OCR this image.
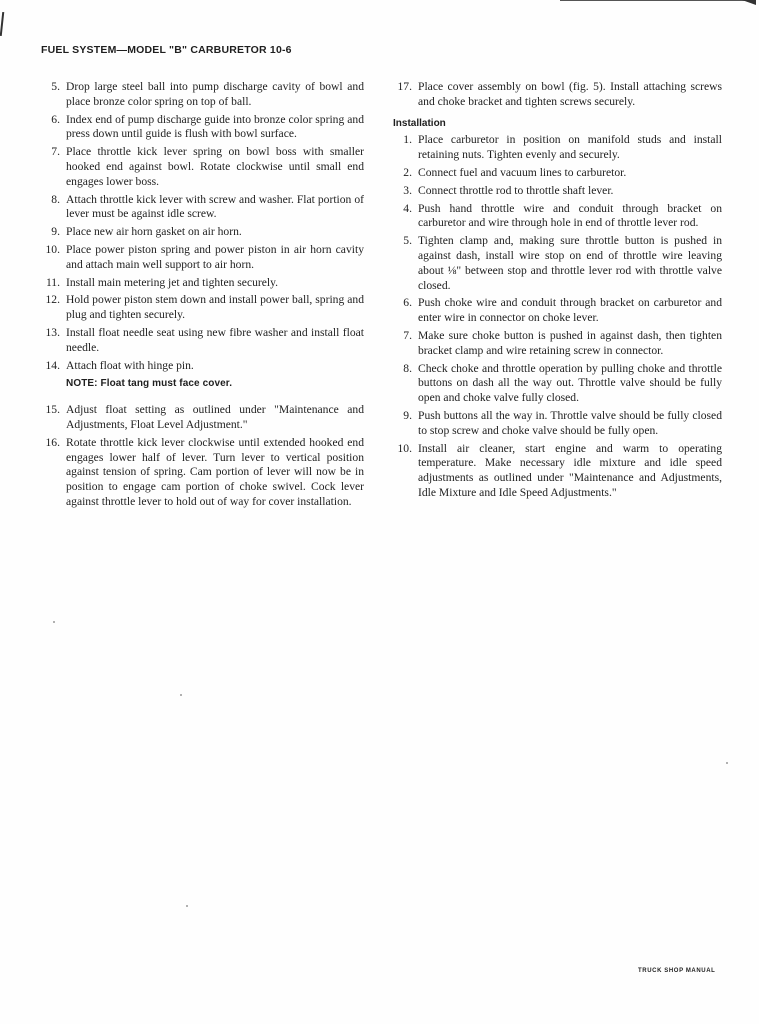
FUEL SYSTEM—MODEL "B" CARBURETOR 10-6
5. Drop large steel ball into pump discharge cavity of bowl and place bronze color spring on top of ball.
6. Index end of pump discharge guide into bronze color spring and press down until guide is flush with bowl surface.
7. Place throttle kick lever spring on bowl boss with smaller hooked end against bowl. Rotate clockwise until small end engages lower boss.
8. Attach throttle kick lever with screw and washer. Flat portion of lever must be against idle screw.
9. Place new air horn gasket on air horn.
10. Place power piston spring and power piston in air horn cavity and attach main well support to air horn.
11. Install main metering jet and tighten securely.
12. Hold power piston stem down and install power ball, spring and plug and tighten securely.
13. Install float needle seat using new fibre washer and install float needle.
14. Attach float with hinge pin.
NOTE: Float tang must face cover.
15. Adjust float setting as outlined under "Maintenance and Adjustments, Float Level Adjustment."
16. Rotate throttle kick lever clockwise until extended hooked end engages lower half of lever. Turn lever to vertical position against tension of spring. Cam portion of lever will now be in position to engage cam portion of choke swivel. Cock lever against throttle lever to hold out of way for cover installation.
17. Place cover assembly on bowl (fig. 5). Install attaching screws and choke bracket and tighten screws securely.
Installation
1. Place carburetor in position on manifold studs and install retaining nuts. Tighten evenly and securely.
2. Connect fuel and vacuum lines to carburetor.
3. Connect throttle rod to throttle shaft lever.
4. Push hand throttle wire and conduit through bracket on carburetor and wire through hole in end of throttle lever rod.
5. Tighten clamp and, making sure throttle button is pushed in against dash, install wire stop on end of throttle wire leaving about ⅛" between stop and throttle lever rod with throttle valve closed.
6. Push choke wire and conduit through bracket on carburetor and enter wire in connector on choke lever.
7. Make sure choke button is pushed in against dash, then tighten bracket clamp and wire retaining screw in connector.
8. Check choke and throttle operation by pulling choke and throttle buttons on dash all the way out. Throttle valve should be fully open and choke valve fully closed.
9. Push buttons all the way in. Throttle valve should be fully closed to stop screw and choke valve should be fully open.
10. Install air cleaner, start engine and warm to operating temperature. Make necessary idle mixture and idle speed adjustments as outlined under "Maintenance and Adjustments, Idle Mixture and Idle Speed Adjustments."
TRUCK SHOP MANUAL
